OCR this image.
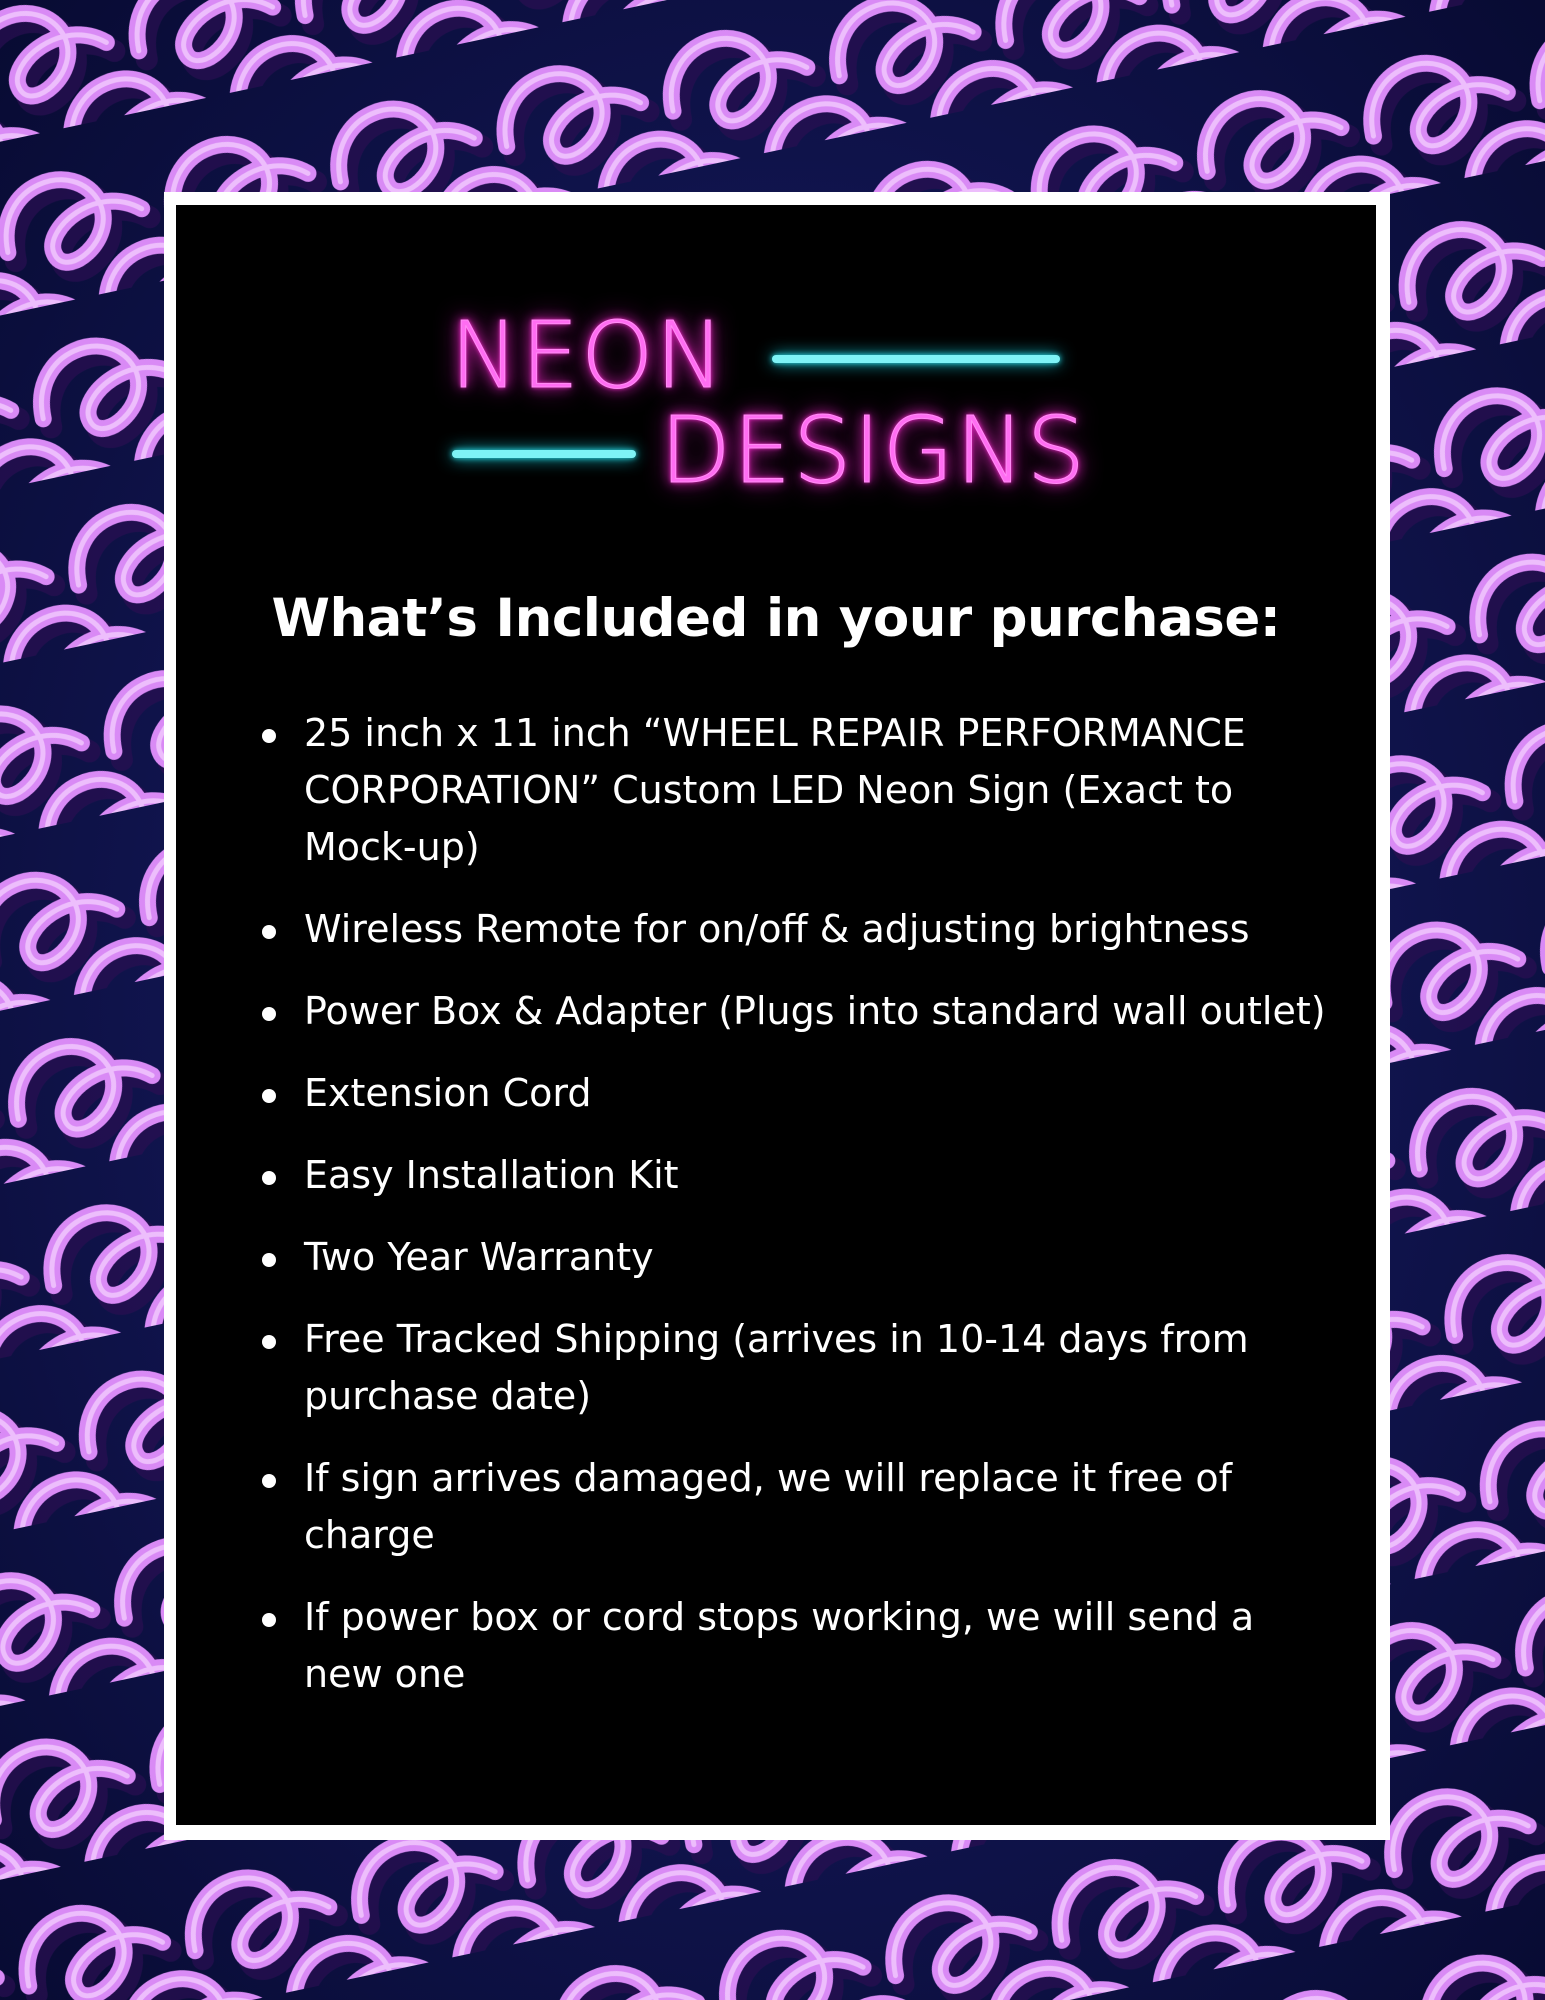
NEON
DESIGNS
What’s Included in your purchase:
25 inch x 11 inch “WHEEL REPAIR PERFORMANCE CORPORATION” Custom LED Neon Sign (Exact to Mock-up)
Wireless Remote for on/off & adjusting brightness
Power Box & Adapter (Plugs into standard wall outlet)
Extension Cord
Easy Installation Kit
Two Year Warranty
Free Tracked Shipping (arrives in 10-14 days from purchase date)
If sign arrives damaged, we will replace it free of charge
If power box or cord stops working, we will send a new one
